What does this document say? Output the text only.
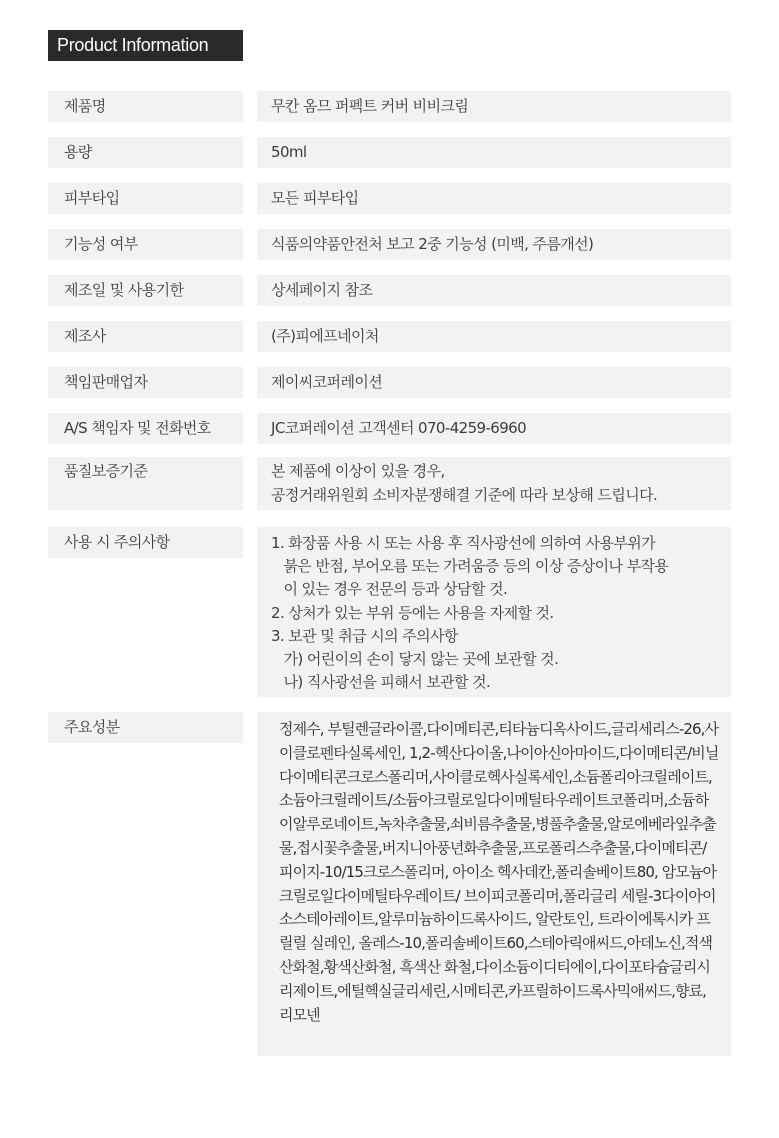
Product Information
제품명	무칸 옴므 퍼펙트 커버 비비크림

용량	50ml

피부타입	모든 피부타입

기능성 여부	식품의약품안전처 보고 2중 기능성 (미백, 주름개선)

제조일 및 사용기한	상세페이지 참조

제조사	(주)피에프네이처

책임판매업자	제이씨코퍼레이션

A/S 책임자 및 전화번호	JC코퍼레이션 고객센터 070-4259-6960

품질보증기준	본 제품에 이상이 있을 경우,

공정거래위원회 소비자분쟁해결 기준에 따라 보상해 드립니다.

사용 시 주의사항	1. 화장품 사용 시 또는 사용 후 직사광선에 의하여 사용부위가

붉은 반점, 부어오름 또는 가려움증 등의 이상 증상이나 부작용

이 있는 경우 전문의 등과 상담할 것.

2. 상처가 있는 부위 등에는 사용을 자제할 것.

3. 보관 및 취급 시의 주의사항

가) 어린이의 손이 닿지 않는 곳에 보관할 것.

나) 직사광선을 피해서 보관할 것.

주요성분	정제수, 부틸렌글라이콜,다이메티콘,티타늄디옥사이드,글리세리스-26,사이클로펜타실록세인, 1,2-헥산다이올,나이아신아마이드,다이메티콘/비닐다이메티콘크로스폴리머,사이클로헥사실록세인,소듐폴리아크릴레이트,소듐아크릴레이트/소듐아크릴로일다이메틸타우레이트코폴리머,소듐하이알루로네이트,녹차추출물,쇠비름추출물,병풀추출물,알로에베라잎추출물,접시꽃추출물,버지니아풍년화추출물,프로폴리스추출물,다이메티콘/피이지-10/15크로스폴리머, 아이소 헥사데칸,폴리솔베이트80, 암모늄아크릴로일다이메틸타우레이트/ 브이피코폴리머,폴리글리 세릴-3다이아이소스테아레이트,알루미늄하이드록사이드, 알란토인, 트라이에톡시카 프릴릴 실레인, 올레스-10,폴리솔베이트60,스테아릭애씨드,아데노신,적색산화철,황색산화철, 흑색산 화철,다이소듐이디티에이,다이포타슘글리시리제이트,에틸헥실글리세린,시메티콘,카프릴하이드록사믹애씨드,향료,리모넨
